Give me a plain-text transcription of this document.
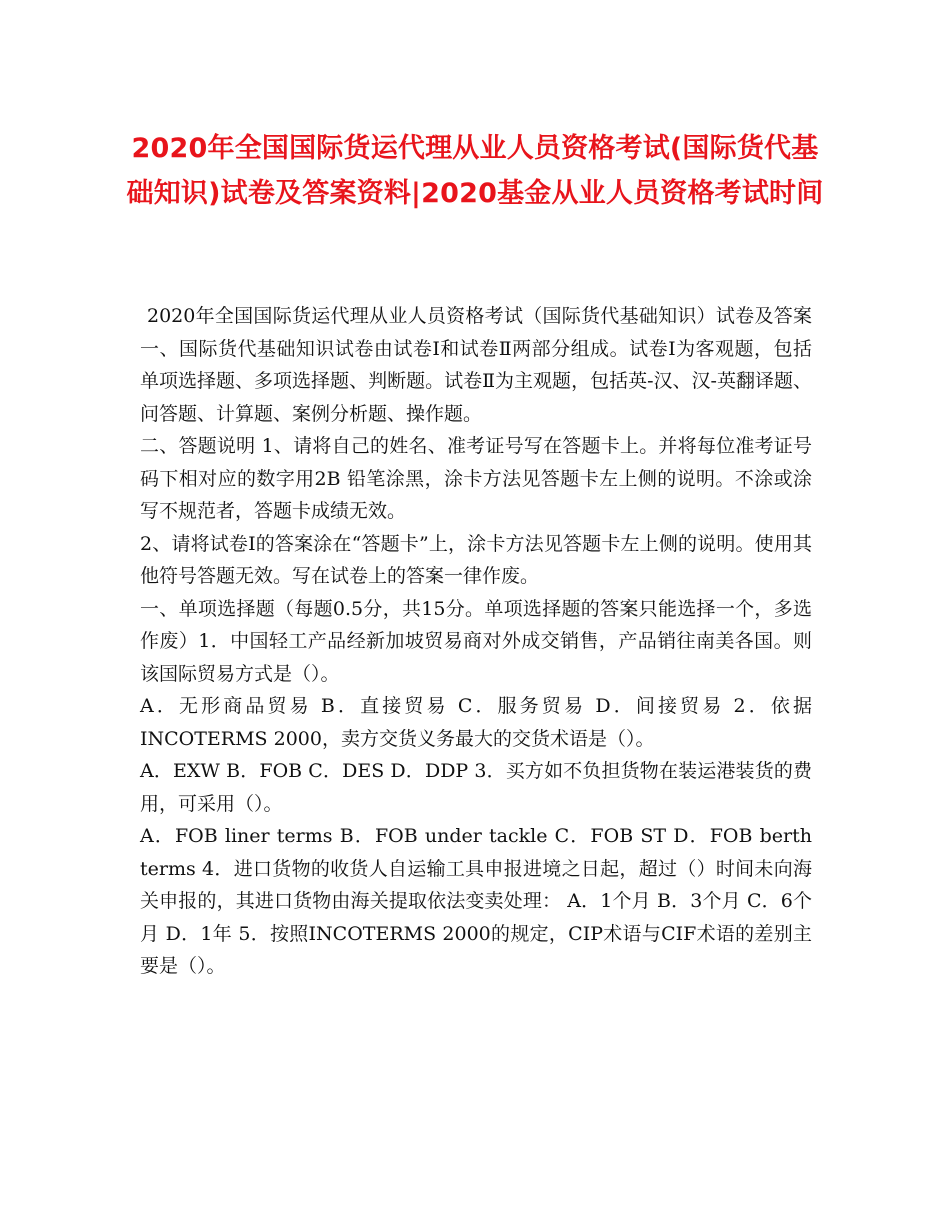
2020年全国国际货运代理从业人员资格考试(国际货代基础知识)试卷及答案资料|2020基金从业人员资格考试时间

2020年全国国际货运代理从业人员资格考试（国际货代基础知识）试卷及答案 一、国际货代基础知识试卷由试卷Ⅰ和试卷Ⅱ两部分组成。试卷Ⅰ为客观题，包括单项选择题、多项选择题、判断题。试卷Ⅱ为主观题，包括英-汉、汉-英翻译题、问答题、计算题、案例分析题、操作题。

二、答题说明 1、请将自己的姓名、准考证号写在答题卡上。并将每位准考证号码下相对应的数字用2B 铅笔涂黑，涂卡方法见答题卡左上侧的说明。不涂或涂写不规范者，答题卡成绩无效。

2、请将试卷Ⅰ的答案涂在“答题卡”上，涂卡方法见答题卡左上侧的说明。使用其他符号答题无效。写在试卷上的答案一律作废。

一、单项选择题（每题0.5分，共15分。单项选择题的答案只能选择一个，多选作废）1．中国轻工产品经新加坡贸易商对外成交销售，产品销往南美各国。则该国际贸易方式是（）。

A．无形商品贸易 B．直接贸易 C．服务贸易 D．间接贸易 2．依据INCOTERMS 2000，卖方交货义务最大的交货术语是（）。

A．EXW B．FOB C．DES D．DDP 3．买方如不负担货物在装运港装货的费用，可采用（）。

A．FOB liner terms B．FOB under tackle C．FOB ST D．FOB berth terms 4．进口货物的收货人自运输工具申报进境之日起，超过（）时间未向海关申报的，其进口货物由海关提取依法变卖处理： A．1个月 B．3个月 C．6个月 D．1年 5．按照INCOTERMS 2000的规定，CIP术语与CIF术语的差别主要是（）。
